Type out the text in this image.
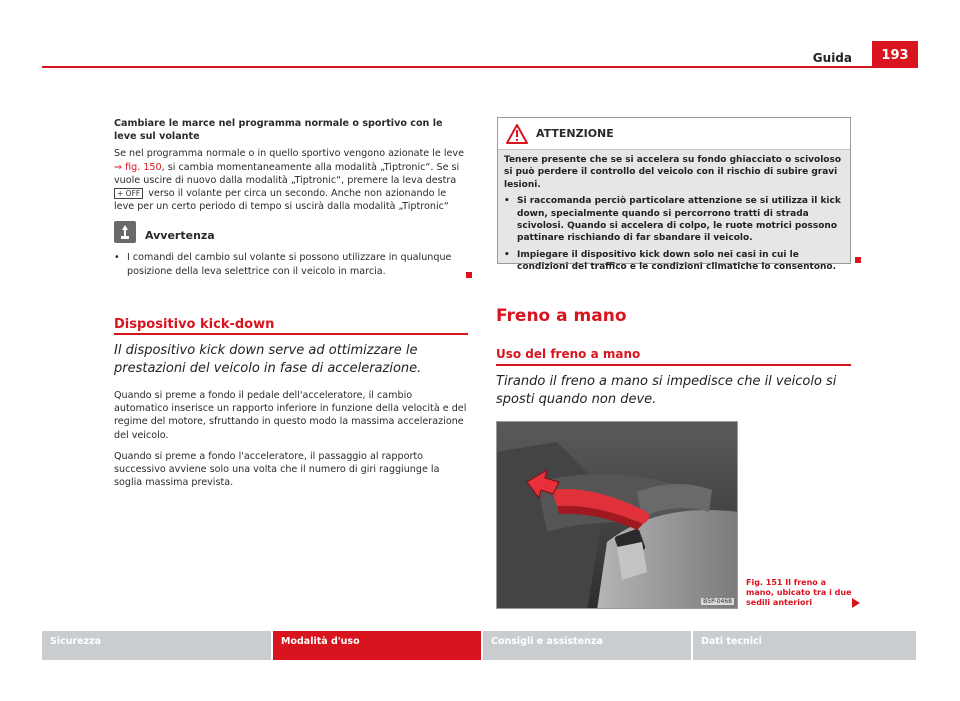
Guida	193
Cambiare le marce nel programma normale o sportivo con le leve sul volante
Se nel programma normale o in quello sportivo vengono azionate le leve ⇒ fig. 150, si cambia momentaneamente alla modalità „Tiptronic“. Se si vuole uscire di nuovo dalla modalità „Tiptronic“, premere la leva destra + OFF verso il volante per circa un secondo. Anche non azionando le leve per un certo periodo di tempo si uscirà dalla modalità „Tiptronic“
Avvertenza
• I comandi del cambio sul volante si possono utilizzare in qualunque posizione della leva selettrice con il veicolo in marcia.
Dispositivo kick-down
Il dispositivo kick down serve ad ottimizzare le prestazioni del veicolo in fase di accelerazione.
Quando si preme a fondo il pedale dell'acceleratore, il cambio automatico inserisce un rapporto inferiore in funzione della velocità e del regime del motore, sfruttando in questo modo la massima accelerazione del veicolo.
Quando si preme a fondo l'acceleratore, il passaggio al rapporto successivo avviene solo una volta che il numero di giri raggiunge la soglia massima prevista.
ATTENZIONE
Tenere presente che se si accelera su fondo ghiacciato o scivoloso si può perdere il controllo del veicolo con il rischio di subire gravi lesioni.
• Si raccomanda perciò particolare attenzione se si utilizza il kick down, specialmente quando si percorrono tratti di strada scivolosi. Quando si accelera di colpo, le ruote motrici possono pattinare rischiando di far sbandare il veicolo.
• Impiegare il dispositivo kick down solo nei casi in cui le condizioni del traffico e le condizioni climatiche lo consentono.
Freno a mano
Uso del freno a mano
Tirando il freno a mano si impedisce che il veicolo si sposti quando non deve.
B5P-0468
Fig. 151 Il freno a mano, ubicato tra i due sedili anteriori
Sicurezza	Modalità d'uso	Consigli e assistenza	Dati tecnici
